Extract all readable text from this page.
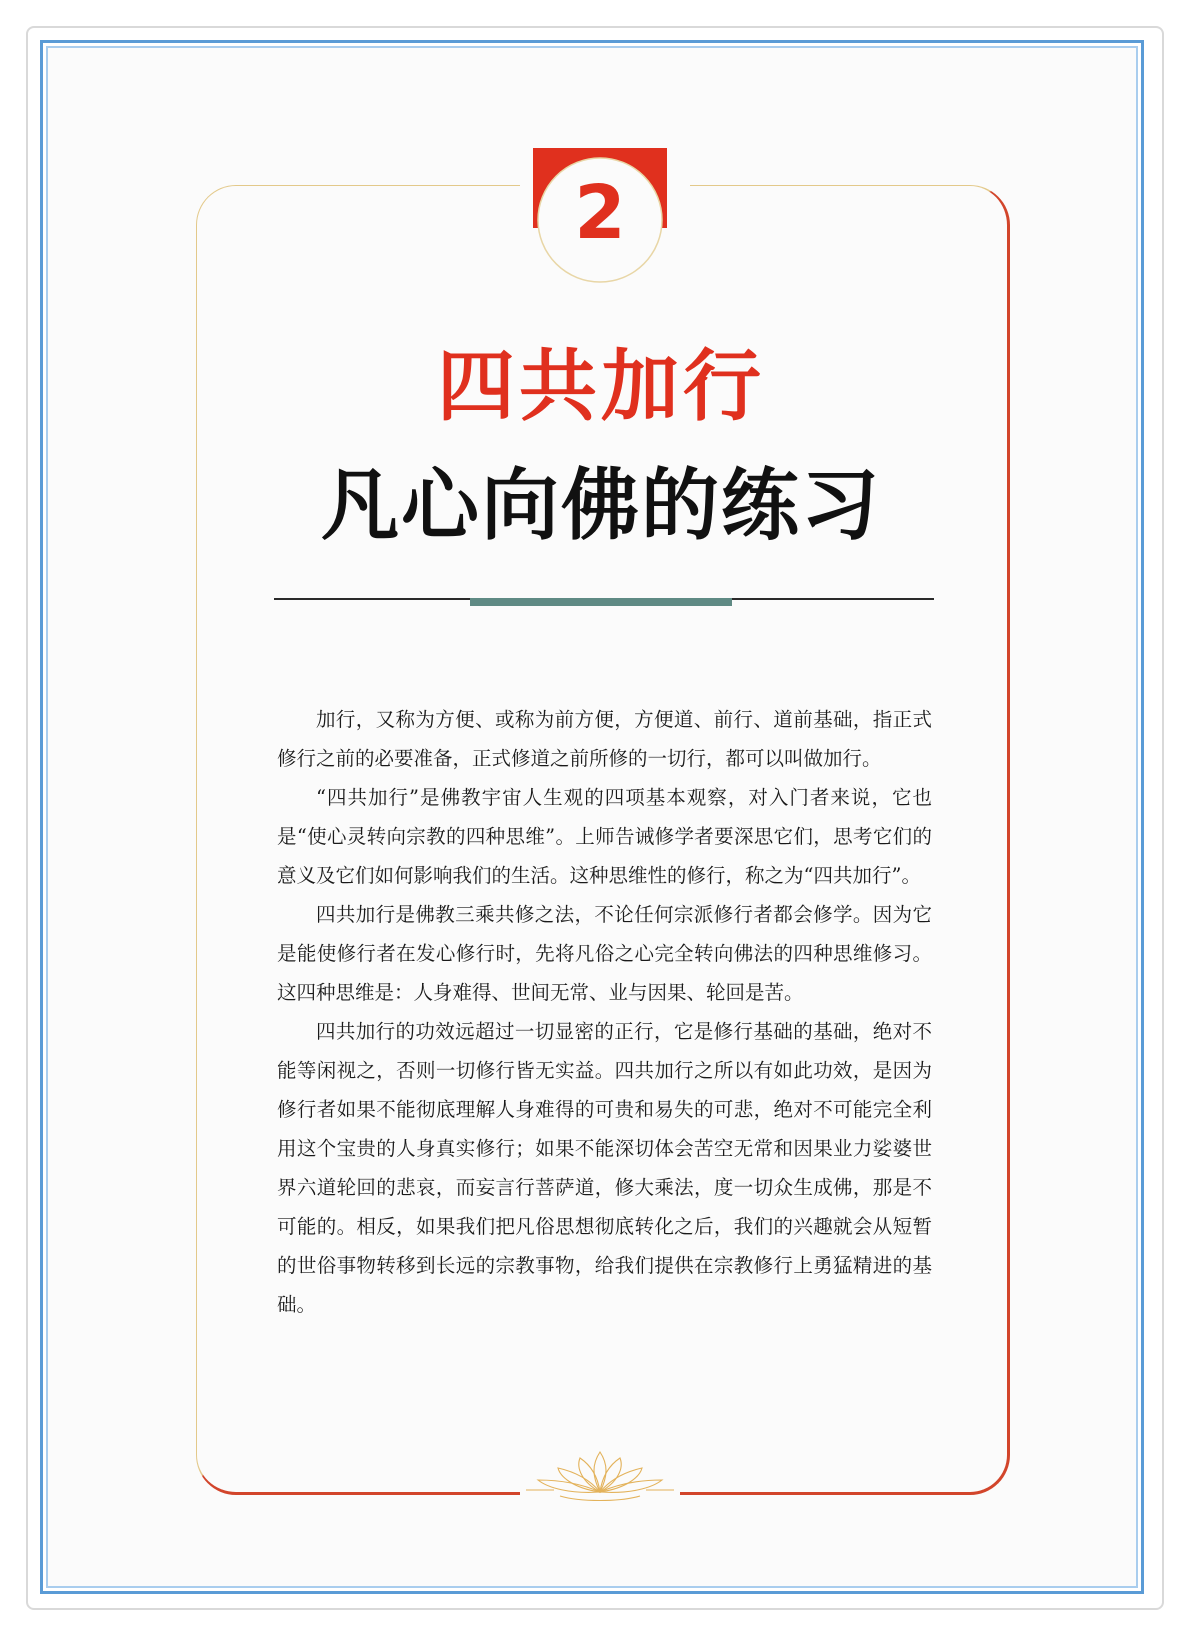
2
四共加行
凡心向佛的练习

加行，又称为方便、或称为前方便，方便道、前行、道前基础，指正式修行之前的必要准备，正式修道之前所修的一切行，都可以叫做加行。

“四共加行”是佛教宇宙人生观的四项基本观察，对入门者来说，它也是“使心灵转向宗教的四种思维”。上师告诫修学者要深思它们，思考它们的意义及它们如何影响我们的生活。这种思维性的修行，称之为“四共加行”。

四共加行是佛教三乘共修之法，不论任何宗派修行者都会修学。因为它是能使修行者在发心修行时，先将凡俗之心完全转向佛法的四种思维修习。这四种思维是：人身难得、世间无常、业与因果、轮回是苦。

四共加行的功效远超过一切显密的正行，它是修行基础的基础，绝对不能等闲视之，否则一切修行皆无实益。四共加行之所以有如此功效，是因为修行者如果不能彻底理解人身难得的可贵和易失的可悲，绝对不可能完全利用这个宝贵的人身真实修行；如果不能深切体会苦空无常和因果业力娑婆世界六道轮回的悲哀，而妄言行菩萨道，修大乘法，度一切众生成佛，那是不可能的。相反，如果我们把凡俗思想彻底转化之后，我们的兴趣就会从短暂的世俗事物转移到长远的宗教事物，给我们提供在宗教修行上勇猛精进的基础。
